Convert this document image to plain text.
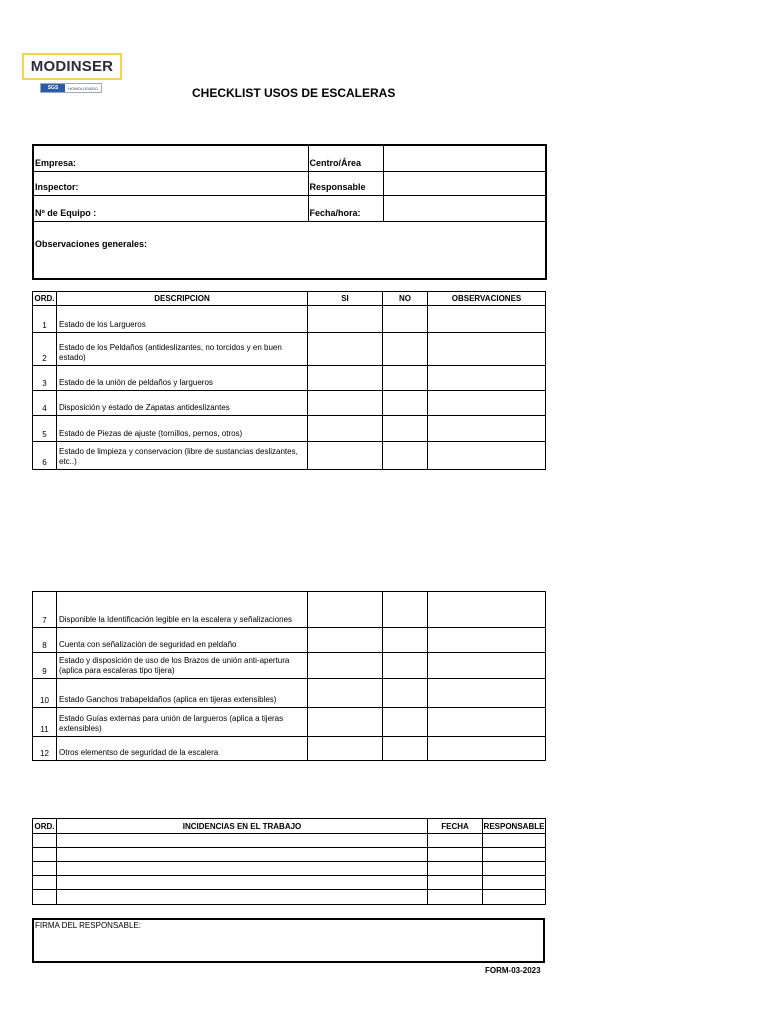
MODINSER
SGS	HOMOLOGADO	CHECKLIST USOS DE ESCALERAS
Empresa:	Centro/Área	
Inspector:	Responsable	
Nº de Equipo :	Fecha/hora:	
Observaciones generales:		
ORD.	DESCRIPCION	SI	NO	OBSERVACIONES
1	Estado de los Largueros			
2	Estado de los Peldaños (antideslizantes, no torcidos y en buen estado)			
3	Estado de la unión de peldaños y largueros			
4	Disposición y estado de Zapatas antideslizantes			
5	Estado de Piezas de ajuste (tornillos, pernos, otros)			
6	Estado de limpieza y conservacion (libre de sustancias deslizantes, etc..)			
7	Disponible la Identificación legible en la escalera y señalizaciones			
8	Cuenta con señalización de seguridad en peldaño			
9	Estado y disposición de uso de los Brazos de unión anti-apertura (aplica para escaleras tipo tijera)			
10	Estado Ganchos trabapeldaños (aplica en tijeras extensibles)			
11	Estado Guías externas para unión de largueros (aplica a tijeras extensibles)			
12	Otros elementso de seguridad de la escalera			
ORD.	INCIDENCIAS EN EL TRABAJO	FECHA	RESPONSABLE

FIRMA DEL RESPONSABLE:
FORM-03-2023
